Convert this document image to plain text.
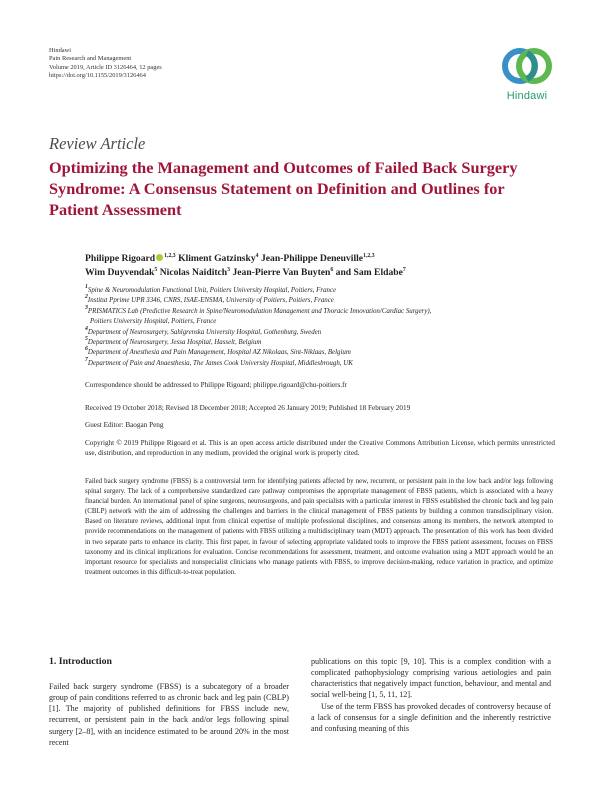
Hindawi
Pain Research and Management
Volume 2019, Article ID 3126464, 12 pages
https://doi.org/10.1155/2019/3126464
Hindawi
Review Article
Optimizing the Management and Outcomes of Failed Back Surgery Syndrome: A Consensus Statement on Definition and Outlines for Patient Assessment
Philippe Rigoard $^{1,2,3}$ Kliment Gatzinsky$^4$ Jean-Philippe Deneuville$^{1,2,3}$
Wim Duyvendak$^5$ Nicolas Naiditch$^3$ Jean-Pierre Van Buyten$^6$ and Sam Eldabe$^7$
$^1$Spine & Neuromodulation Functional Unit, Poitiers University Hospital, Poitiers, France
$^2$Institut Pprime UPR 3346, CNRS, ISAE-ENSMA, University of Poitiers, Poitiers, France
$^3$PRISMATICS Lab (Predictive Research in Spine/Neuromodulation Management and Thoracic Innovation/Cardiac Surgery),
Poitiers University Hospital, Poitiers, France
$^4$Department of Neurosurgery, Sahlgrenska University Hospital, Gothenburg, Sweden
$^5$Department of Neurosurgery, Jessa Hospital, Hasselt, Belgium
$^6$Department of Anesthesia and Pain Management, Hospital AZ Nikolaas, Sint-Niklaas, Belgium
$^7$Department of Pain and Anaesthesia, The James Cook University Hospital, Middlesbrough, UK
Correspondence should be addressed to Philippe Rigoard; philippe.rigoard@chu-poitiers.fr
Received 19 October 2018; Revised 18 December 2018; Accepted 26 January 2019; Published 18 February 2019
Guest Editor: Baogan Peng
Copyright © 2019 Philippe Rigoard et al. This is an open access article distributed under the Creative Commons Attribution License, which permits unrestricted use, distribution, and reproduction in any medium, provided the original work is properly cited.
Failed back surgery syndrome (FBSS) is a controversial term for identifying patients affected by new, recurrent, or persistent pain in the low back and/or legs following spinal surgery. The lack of a comprehensive standardized care pathway compromises the appropriate management of FBSS patients, which is associated with a heavy financial burden. An international panel of spine surgeons, neurosurgeons, and pain specialists with a particular interest in FBSS established the chronic back and leg pain (CBLP) network with the aim of addressing the challenges and barriers in the clinical management of FBSS patients by building a common transdisciplinary vision. Based on literature reviews, additional input from clinical expertise of multiple professional disciplines, and consensus among its members, the network attempted to provide recommendations on the management of patients with FBSS utilizing a multidisciplinary team (MDT) approach. The presentation of this work has been divided in two separate parts to enhance its clarity. This first paper, in favour of selecting appropriate validated tools to improve the FBSS patient assessment, focuses on FBSS taxonomy and its clinical implications for evaluation. Concise recommendations for assessment, treatment, and outcome evaluation using a MDT approach would be an important resource for specialists and nonspecialist clinicians who manage patients with FBSS, to improve decision-making, reduce variation in practice, and optimize treatment outcomes in this difficult-to-treat population.
1. Introduction
Failed back surgery syndrome (FBSS) is a subcategory of a broader group of pain conditions referred to as chronic back and leg pain (CBLP) [1]. The majority of published definitions for FBSS include new, recurrent, or persistent pain in the back and/or legs following spinal surgery [2–8], with an incidence estimated to be around 20% in the most recent
publications on this topic [9, 10]. This is a complex condition with a complicated pathophysiology comprising various aetiologies and pain characteristics that negatively impact function, behaviour, and mental and social well-being [1, 5, 11, 12].
Use of the term FBSS has provoked decades of controversy because of a lack of consensus for a single definition and the inherently restrictive and confusing meaning of this
